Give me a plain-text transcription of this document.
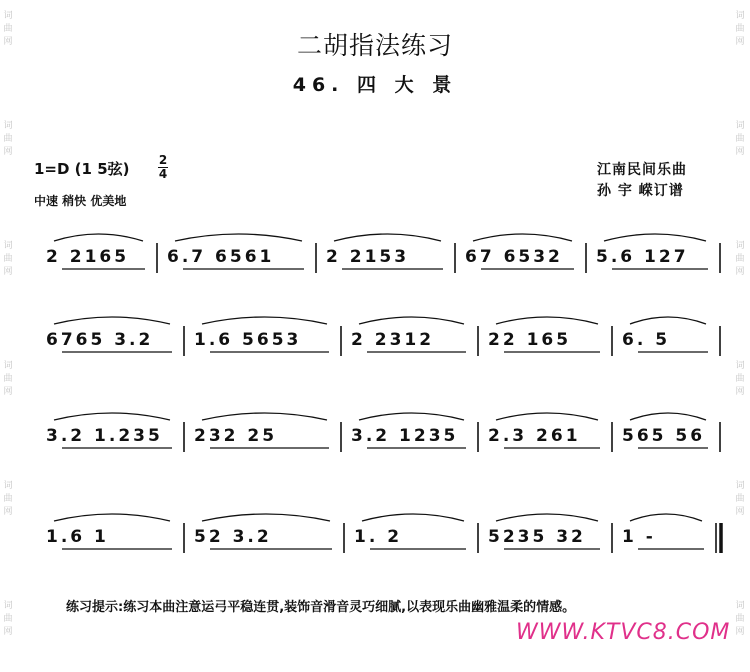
词曲网
词曲网
词曲网
词曲网
词曲网
词曲网
词曲网
词曲网
词曲网
词曲网
词曲网
词曲网
二胡指法练习
46. 四 大 景
1=D (1 5弦) 2
4
中速 稍快 优美地
江南民间乐曲
孙 宇 嵘订谱
2 2165	6.7 6561	2 2153	67 6532	5.6 127
6765 3.2	1.6 5653	2 2312	22 165	6. 5
3.2 1.235	232 25	3.2 1235	2.3 261	565 56
1.6 1	52 3.2	1. 2	5235 32	1 -
练习提示:练习本曲注意运弓平稳连贯,装饰音滑音灵巧细腻,以表现乐曲幽雅温柔的情感。
WWW.KTVC8.COM
